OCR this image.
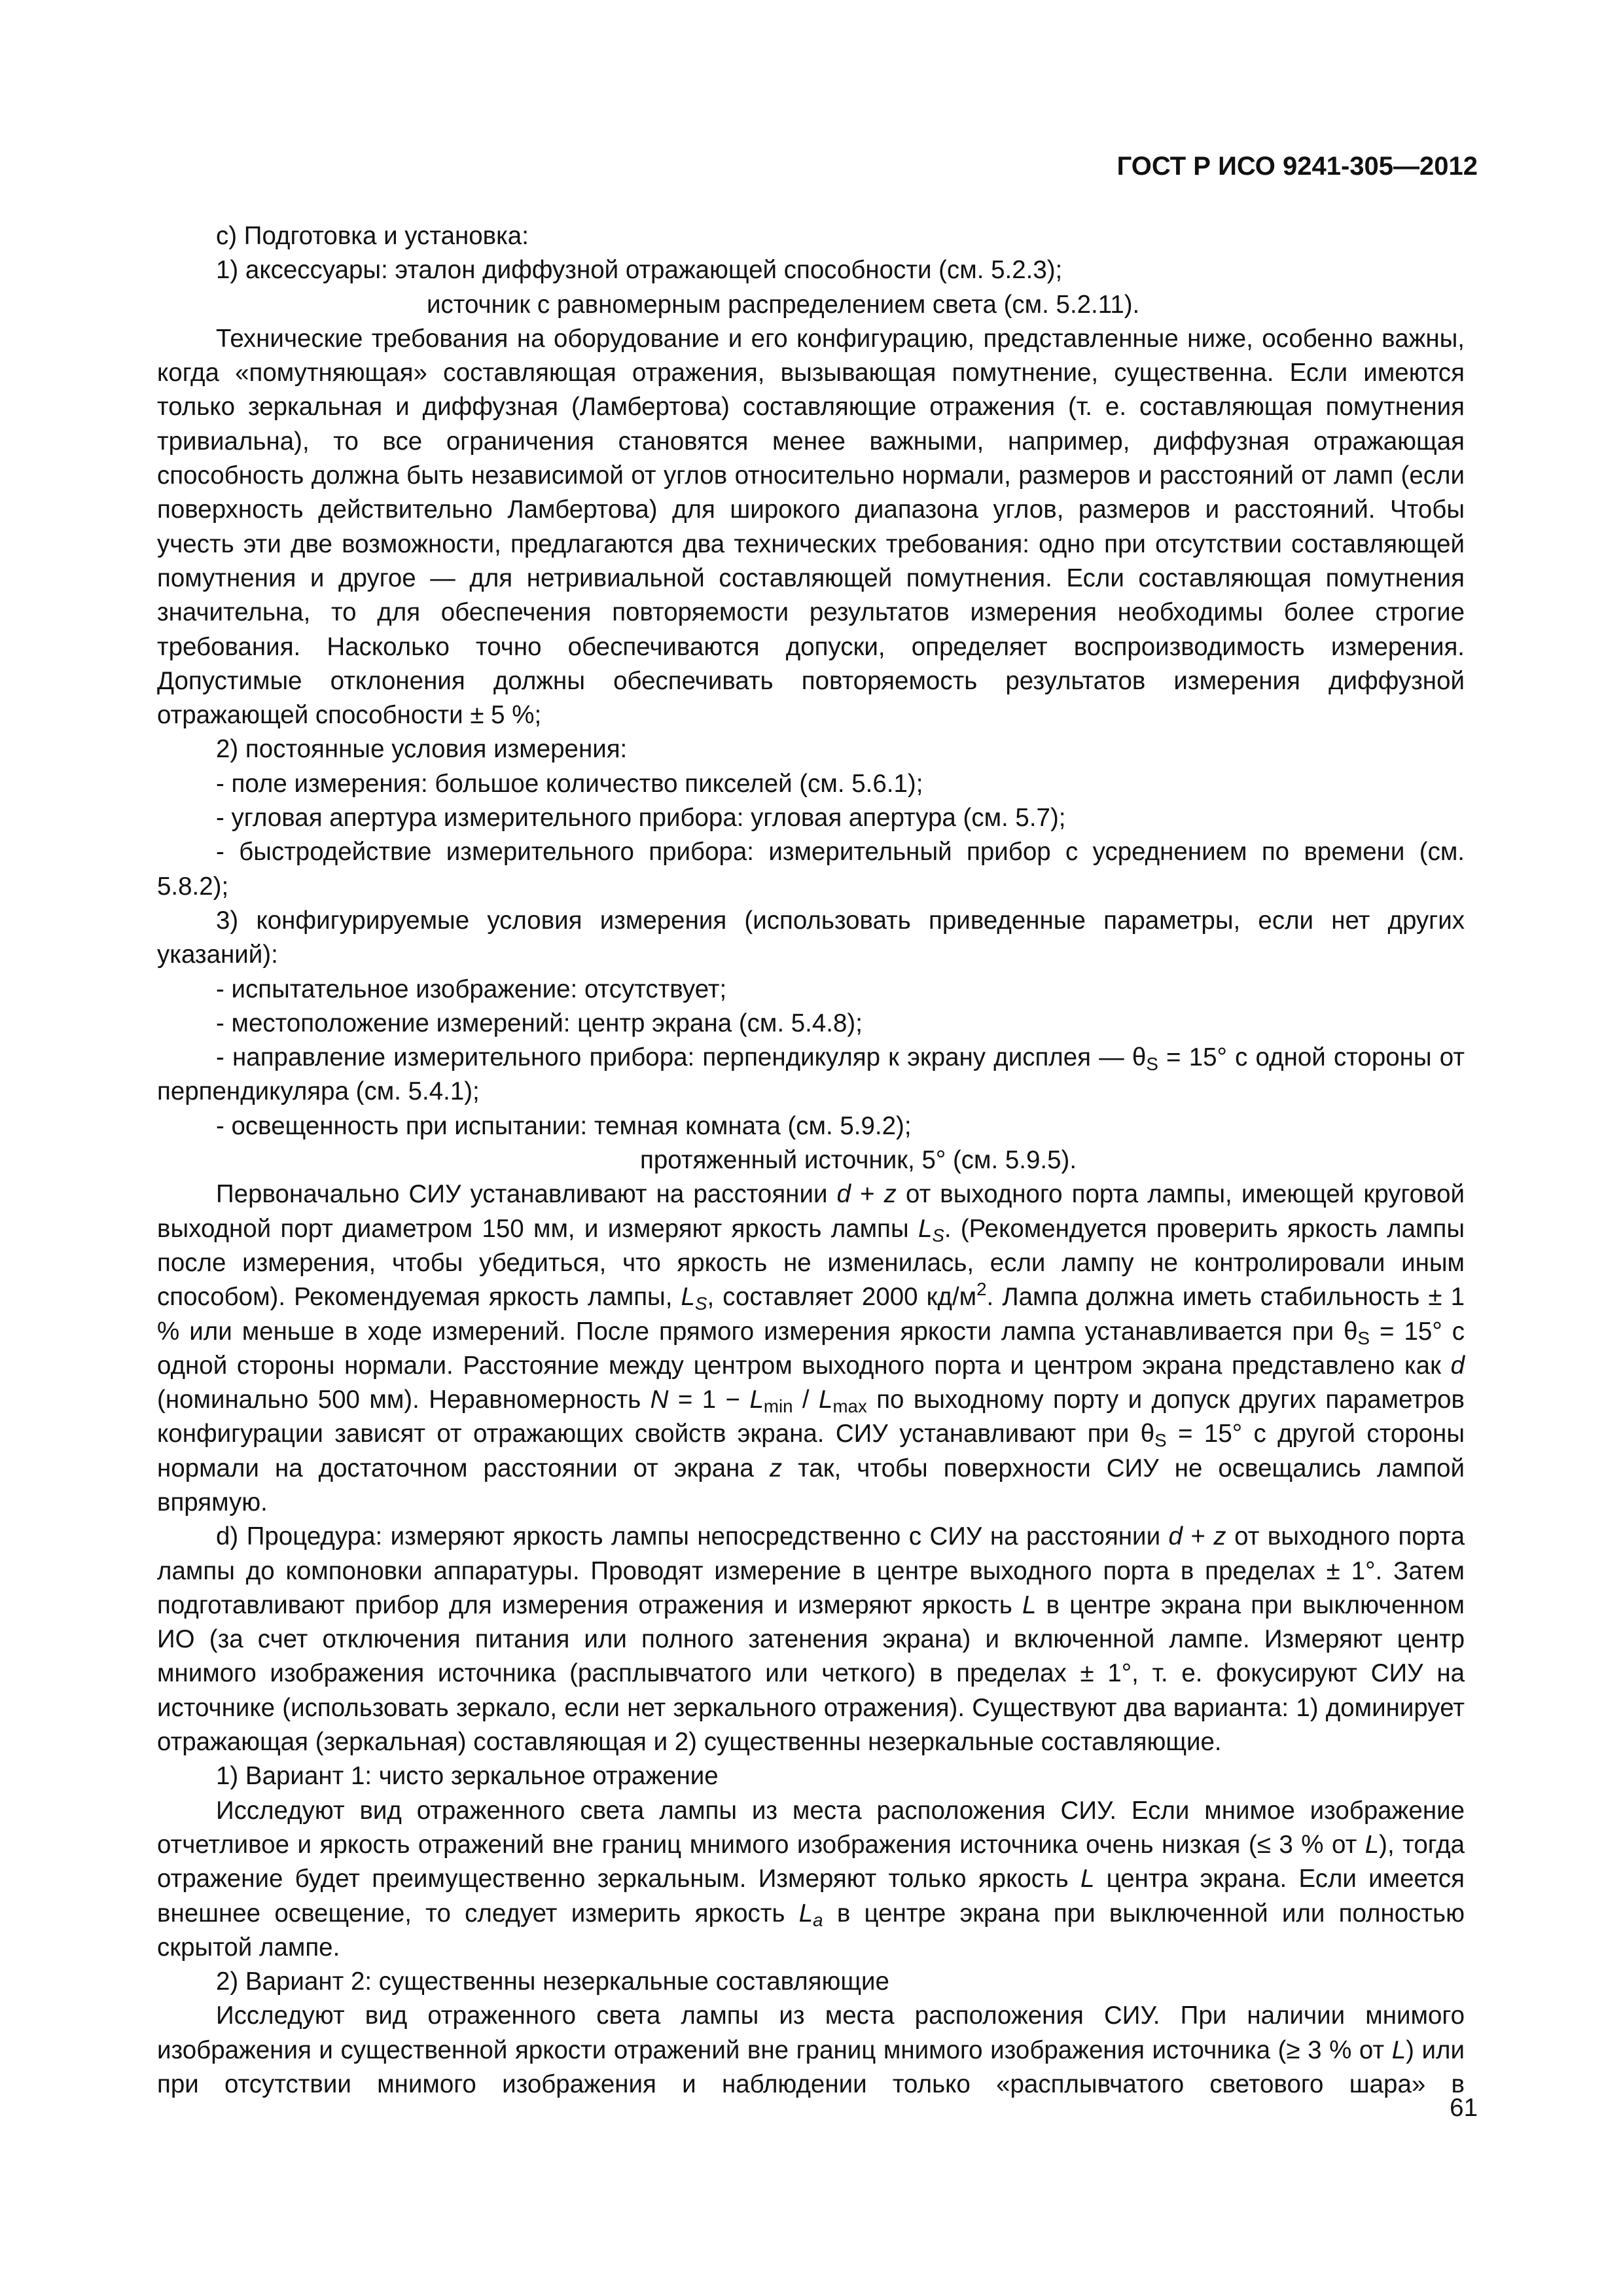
ГОСТ Р ИСО 9241-305—2012
с) Подготовка и установка:
1) аксессуары: эталон диффузной отражающей способности (см. 5.2.3);
источник с равномерным распределением света (см. 5.2.11).
Технические требования на оборудование и его конфигурацию, представленные ниже, особенно важны, когда «помутняющая» составляющая отражения, вызывающая помутнение, существенна. Если имеются только зеркальная и диффузная (Ламбертова) составляющие отражения (т. е. составляющая помутнения тривиальна), то все ограничения становятся менее важными, например, диффузная отражающая способность должна быть независимой от углов относительно нормали, размеров и расстояний от ламп (если поверхность действительно Ламбертова) для широкого диапазона углов, размеров и расстояний. Чтобы учесть эти две возможности, предлагаются два технических требования: одно при отсутствии составляющей помутнения и другое — для нетривиальной составляющей помутнения. Если составляющая помутнения значительна, то для обеспечения повторяемости результатов измерения необходимы более строгие требования. Насколько точно обеспечиваются допуски, определяет воспроизводимость измерения. Допустимые отклонения должны обеспечивать повторяемость результатов измерения диффузной отражающей способности ± 5 %;
2) постоянные условия измерения:
- поле измерения: большое количество пикселей (см. 5.6.1);
- угловая апертура измерительного прибора: угловая апертура (см. 5.7);
- быстродействие измерительного прибора: измерительный прибор с усреднением по времени (см. 5.8.2);
3) конфигурируемые условия измерения (использовать приведенные параметры, если нет других указаний):
- испытательное изображение: отсутствует;
- местоположение измерений: центр экрана (см. 5.4.8);
- направление измерительного прибора: перпендикуляр к экрану дисплея — $\theta_S = 15^\circ$ с одной стороны от перпендикуляра (см. 5.4.1);
- освещенность при испытании: темная комната (см. 5.9.2);
протяженный источник, 5° (см. 5.9.5).
Первоначально СИУ устанавливают на расстоянии d + z от выходного порта лампы, имеющей круговой выходной порт диаметром 150 мм, и измеряют яркость лампы $L_S$. (Рекомендуется проверить яркость лампы после измерения, чтобы убедиться, что яркость не изменилась, если лампу не контролировали иным способом). Рекомендуемая яркость лампы, $L_S$, составляет 2000 $кд/м^2$. Лампа должна иметь стабильность ± 1 % или меньше в ходе измерений. После прямого измерения яркости лампа устанавливается при $\theta_S = 15^\circ$ с одной стороны нормали. Расстояние между центром выходного порта и центром экрана представлено как d (номинально 500 мм). Неравномерность $N = 1 - L_{min} / L_{max}$ по выходному порту и допуск других параметров конфигурации зависят от отражающих свойств экрана. СИУ устанавливают при $\theta_S = 15^\circ$ с другой стороны нормали на достаточном расстоянии от экрана z так, чтобы поверхности СИУ не освещались лампой впрямую.
d) Процедура: измеряют яркость лампы непосредственно с СИУ на расстоянии d + z от выходного порта лампы до компоновки аппаратуры. Проводят измерение в центре выходного порта в пределах ± 1°. Затем подготавливают прибор для измерения отражения и измеряют яркость L в центре экрана при выключенном ИО (за счет отключения питания или полного затенения экрана) и включенной лампе. Измеряют центр мнимого изображения источника (расплывчатого или четкого) в пределах ± 1°, т. е. фокусируют СИУ на источнике (использовать зеркало, если нет зеркального отражения). Существуют два варианта: 1) доминирует отражающая (зеркальная) составляющая и 2) существенны незеркальные составляющие.
1) Вариант 1: чисто зеркальное отражение
Исследуют вид отраженного света лампы из места расположения СИУ. Если мнимое изображение отчетливое и яркость отражений вне границ мнимого изображения источника очень низкая (≤ 3 % от L), тогда отражение будет преимущественно зеркальным. Измеряют только яркость L центра экрана. Если имеется внешнее освещение, то следует измерить яркость $L_a$ в центре экрана при выключенной или полностью скрытой лампе.
2) Вариант 2: существенны незеркальные составляющие
Исследуют вид отраженного света лампы из места расположения СИУ. При наличии мнимого изображения и существенной яркости отражений вне границ мнимого изображения источника (≥ 3 % от L) или при отсутствии мнимого изображения и наблюдении только «расплывчатого светового шара» в
61
